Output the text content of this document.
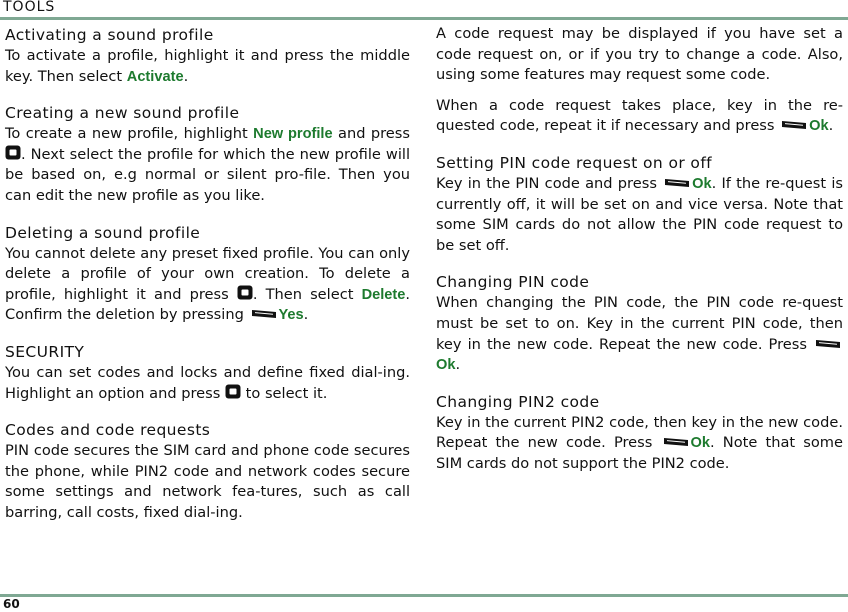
TOOLS
Activating a sound profile

To activate a profile, highlight it and press the middle key. Then select Activate.

Creating a new sound profile

To create a new profile, highlight New profile and press . Next select the profile for which the new profile will be based on, e.g normal or silent pro-file. Then you can edit the new profile as you like.

Deleting a sound profile

You cannot delete any preset fixed profile. You can only delete a profile of your own creation. To delete a profile, highlight it and press . Then select Delete. Confirm the deletion by pressing Yes.

SECURITY

You can set codes and locks and define fixed dial-ing. Highlight an option and press  to select it.

Codes and code requests

PIN code secures the SIM card and phone code secures the phone, while PIN2 code and network codes secure some settings and network fea-tures, such as call barring, call costs, fixed dial-ing.

A code request may be displayed if you have set a code request on, or if you try to change a code. Also, using some features may request some code.

When a code request takes place, key in the re-quested code, repeat it if necessary and press Ok.

Setting PIN code request on or off

Key in the PIN code and press Ok. If the re-quest is currently off, it will be set on and vice versa. Note that some SIM cards do not allow the PIN code request to be set off.

Changing PIN code

When changing the PIN code, the PIN code re-quest must be set to on. Key in the current PIN code, then key in the new code. Repeat the new code. Press Ok.

Changing PIN2 code

Key in the current PIN2 code, then key in the new code. Repeat the new code. Press Ok. Note that some SIM cards do not support the PIN2 code.

60
